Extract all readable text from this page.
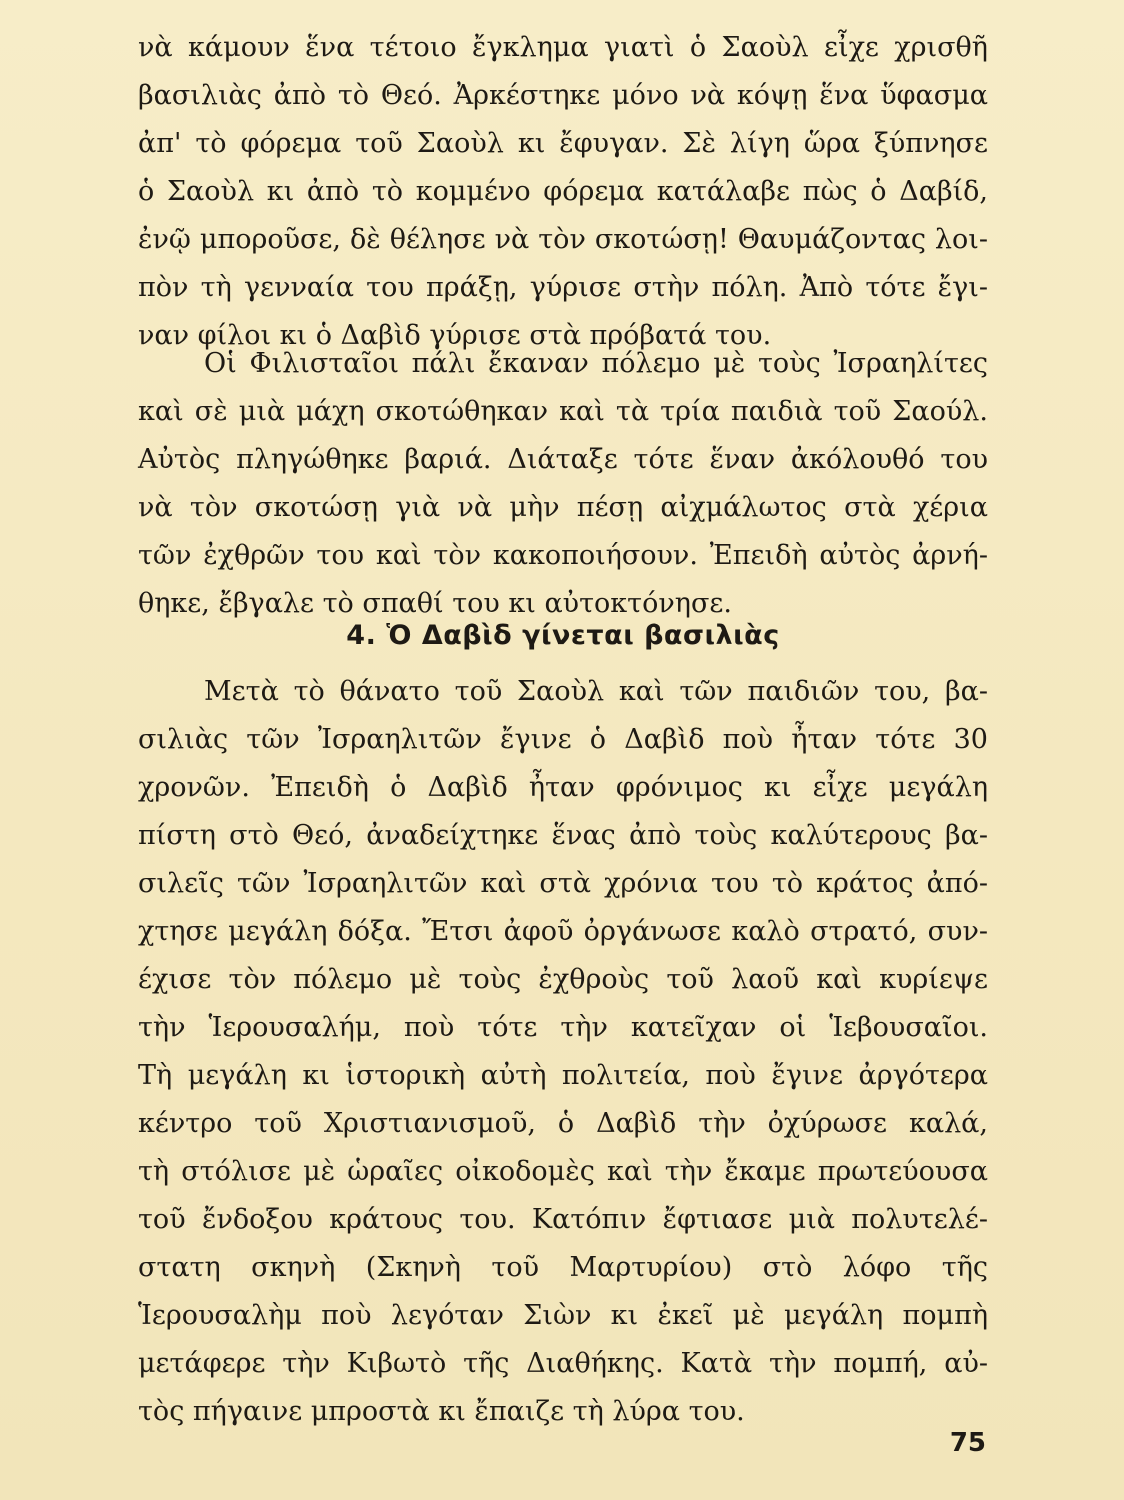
νὰ κάμουν ἕνα τέτοιο ἔγκλημα γιατὶ ὁ Σαοὺλ εἶχε χρισθῆ
βασιλιὰς ἀπὸ τὸ Θεό. Ἀρκέστηκε μόνο νὰ κόψῃ ἕνα ὕφασμα
ἀπ' τὸ φόρεμα τοῦ Σαοὺλ κι ἔφυγαν. Σὲ λίγη ὥρα ξύπνησε
ὁ Σαοὺλ κι ἀπὸ τὸ κομμένο φόρεμα κατάλαβε πὼς ὁ Δαβίδ,
ἐνῷ μποροῦσε, δὲ θέλησε νὰ τὸν σκοτώσῃ! Θαυμάζοντας λοι-
πὸν τὴ γενναία του πράξῃ, γύρισε στὴν πόλη. Ἀπὸ τότε ἔγι-
ναν φίλοι κι ὁ Δαβὶδ γύρισε στὰ πρόβατά του.
Οἱ Φιλισταῖοι πάλι ἔκαναν πόλεμο μὲ τοὺς Ἰσραηλίτες
καὶ σὲ μιὰ μάχη σκοτώθηκαν καὶ τὰ τρία παιδιὰ τοῦ Σαούλ.
Αὐτὸς πληγώθηκε βαριά. Διάταξε τότε ἕναν ἀκόλουθό του
νὰ τὸν σκοτώσῃ γιὰ νὰ μὴν πέσῃ αἰχμάλωτος στὰ χέρια
τῶν ἐχθρῶν του καὶ τὸν κακοποιήσουν. Ἐπειδὴ αὐτὸς ἀρνή-
θηκε, ἔβγαλε τὸ σπαθί του κι αὐτοκτόνησε.
4. Ὁ Δαβὶδ γίνεται βασιλιὰς
Μετὰ τὸ θάνατο τοῦ Σαοὺλ καὶ τῶν παιδιῶν του, βα-
σιλιὰς τῶν Ἰσραηλιτῶν ἔγινε ὁ Δαβὶδ ποὺ ἦταν τότε 30
χρονῶν. Ἐπειδὴ ὁ Δαβὶδ ἦταν φρόνιμος κι εἶχε μεγάλη
πίστη στὸ Θεό, ἀναδείχτηκε ἕνας ἀπὸ τοὺς καλύτερους βα-
σιλεῖς τῶν Ἰσραηλιτῶν καὶ στὰ χρόνια του τὸ κράτος ἀπό-
χτησε μεγάλη δόξα. Ἔτσι ἀφοῦ ὀργάνωσε καλὸ στρατό, συν-
έχισε τὸν πόλεμο μὲ τοὺς ἐχθροὺς τοῦ λαοῦ καὶ κυρίεψε
τὴν Ἱερουσαλήμ, ποὺ τότε τὴν κατεῖχαν οἱ Ἱεβουσαῖοι.
Τὴ μεγάλη κι ἱστορικὴ αὐτὴ πολιτεία, ποὺ ἔγινε ἀργότερα
κέντρο τοῦ Χριστιανισμοῦ, ὁ Δαβὶδ τὴν ὀχύρωσε καλά,
τὴ στόλισε μὲ ὡραῖες οἰκοδομὲς καὶ τὴν ἔκαμε πρωτεύουσα
τοῦ ἔνδοξου κράτους του. Κατόπιν ἔφτιασε μιὰ πολυτελέ-
στατη σκηνὴ (Σκηνὴ τοῦ Μαρτυρίου) στὸ λόφο τῆς
Ἱερουσαλὴμ ποὺ λεγόταν Σιὼν κι ἐκεῖ μὲ μεγάλη πομπὴ
μετάφερε τὴν Κιβωτὸ τῆς Διαθήκης. Κατὰ τὴν πομπή, αὐ-
τὸς πήγαινε μπροστὰ κι ἔπαιζε τὴ λύρα του.
75
